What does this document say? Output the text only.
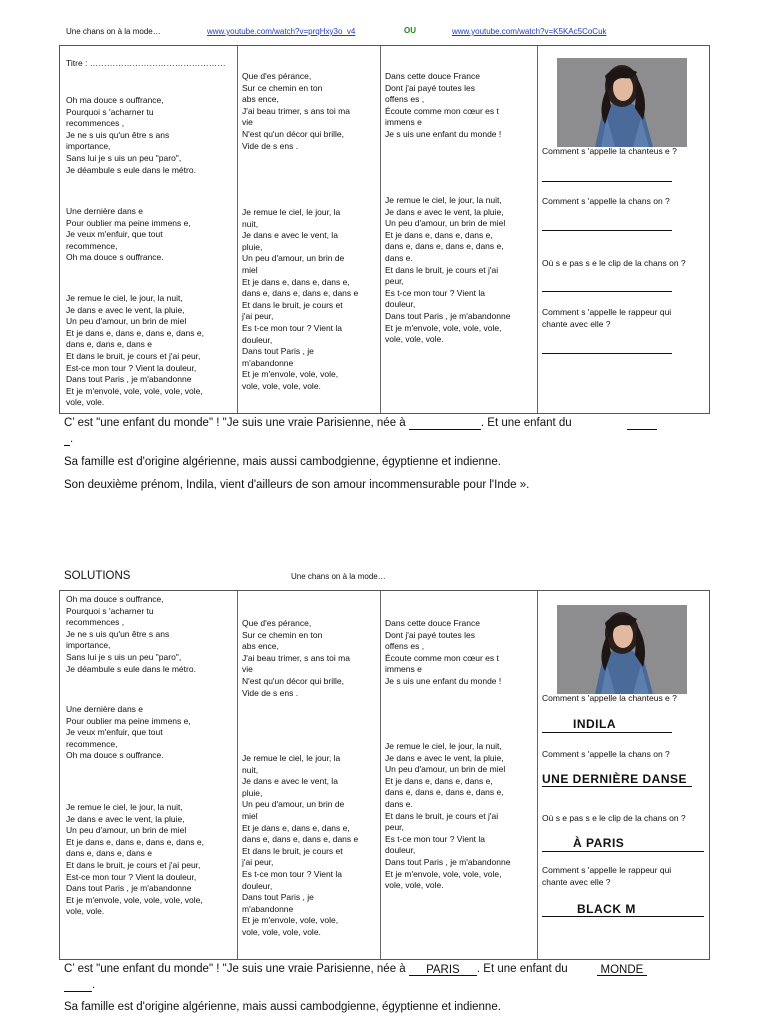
Une chans on à la mode…	www.youtube.com/watch?v=prqHxy3o_v4	OU	www.youtube.com/watch?v=K5KAc5CoCuk
Titre : …………………………………………
Oh ma douce s ouffrance,
Pourquoi s 'acharner tu
recommences ,
Je ne s uis qu'un être s ans
importance,
Sans lui je s uis un peu "paro",
Je déambule s eule dans le métro.
Une dernière dans e
Pour oublier ma peine immens e,
Je veux m'enfuir, que tout
recommence,
Oh ma douce s ouffrance.
Je remue le ciel, le jour, la nuit,
Je dans e avec le vent, la pluie,
Un peu d'amour, un brin de miel
Et je dans e, dans e, dans e, dans e,
dans e, dans e, dans e
Et dans le bruit, je cours et j'ai peur,
Est-ce mon tour ? Vient la douleur,
Dans tout Paris , je m'abandonne
Et je m'envole, vole, vole, vole, vole,
vole, vole.
Que d'es pérance,
Sur ce chemin en ton
abs ence,
J'ai beau trimer, s ans toi ma
vie
N'est qu'un décor qui brille,
Vide de s ens .
Je remue le ciel, le jour, la
nuit,
Je dans e avec le vent, la
pluie,
Un peu d'amour, un brin de
miel
Et je dans e, dans e, dans e,
dans e, dans e, dans e, dans e
Et dans le bruit, je cours et
j'ai peur,
Es t-ce mon tour ? Vient la
douleur,
Dans tout Paris , je
m'abandonne
Et je m'envole, vole, vole,
vole, vole, vole, vole.
Dans cette douce France
Dont j'ai payé toutes les
offens es ,
Écoute comme mon cœur es t
immens e
Je s uis une enfant du monde !
Je remue le ciel, le jour, la nuit,
Je dans e avec le vent, la pluie,
Un peu d'amour, un brin de miel
Et je dans e, dans e, dans e,
dans e, dans e, dans e, dans e,
dans e.
Et dans le bruit, je cours et j'ai
peur,
Es t-ce mon tour ? Vient la
douleur,
Dans tout Paris , je m'abandonne
Et je m'envole, vole, vole, vole,
vole, vole, vole.
Comment s 'appelle la chanteus e ?
Comment s 'appelle la chans on ?
Où s e pas s e le clip de la chans on ?
Comment s 'appelle le rappeur qui
chante avec elle ?
C’ est "une enfant du monde" ! "Je suis une vraie Parisienne, née à	. Et une enfant du
.
Sa famille est d'origine algérienne, mais aussi cambodgienne, égyptienne et indienne.
Son deuxième prénom, Indila, vient d'ailleurs de son amour incommensurable pour l'Inde ».
SOLUTIONS	Une chans on à la mode…
Oh ma douce s ouffrance,
Pourquoi s 'acharner tu
recommences ,
Je ne s uis qu'un être s ans
importance,
Sans lui je s uis un peu "paro",
Je déambule s eule dans le métro.
Une dernière dans e
Pour oublier ma peine immens e,
Je veux m'enfuir, que tout
recommence,
Oh ma douce s ouffrance.
Je remue le ciel, le jour, la nuit,
Je dans e avec le vent, la pluie,
Un peu d'amour, un brin de miel
Et je dans e, dans e, dans e, dans e,
dans e, dans e, dans e
Et dans le bruit, je cours et j'ai peur,
Est-ce mon tour ? Vient la douleur,
Dans tout Paris , je m'abandonne
Et je m'envole, vole, vole, vole, vole,
vole, vole.
Que d'es pérance,
Sur ce chemin en ton
abs ence,
J'ai beau trimer, s ans toi ma
vie
N'est qu'un décor qui brille,
Vide de s ens .
Je remue le ciel, le jour, la
nuit,
Je dans e avec le vent, la
pluie,
Un peu d'amour, un brin de
miel
Et je dans e, dans e, dans e,
dans e, dans e, dans e, dans e
Et dans le bruit, je cours et
j'ai peur,
Es t-ce mon tour ? Vient la
douleur,
Dans tout Paris , je
m'abandonne
Et je m'envole, vole, vole,
vole, vole, vole, vole.
Dans cette douce France
Dont j'ai payé toutes les
offens es ,
Écoute comme mon cœur es t
immens e
Je s uis une enfant du monde !
Je remue le ciel, le jour, la nuit,
Je dans e avec le vent, la pluie,
Un peu d'amour, un brin de miel
Et je dans e, dans e, dans e,
dans e, dans e, dans e, dans e,
dans e.
Et dans le bruit, je cours et j'ai
peur,
Es t-ce mon tour ? Vient la
douleur,
Dans tout Paris , je m'abandonne
Et je m'envole, vole, vole, vole,
vole, vole, vole.
Comment s 'appelle la chanteus e ?
INDILA
Comment s 'appelle la chans on ?
UNE DERNIÈRE DANSE
Où s e pas s e le clip de la chans on ?
À PARIS
Comment s 'appelle le rappeur qui
chante avec elle ?
BLACK M
C’ est "une enfant du monde" ! "Je suis une vraie Parisienne, née à PARIS . Et une enfant du	MONDE
.
Sa famille est d'origine algérienne, mais aussi cambodgienne, égyptienne et indienne.
